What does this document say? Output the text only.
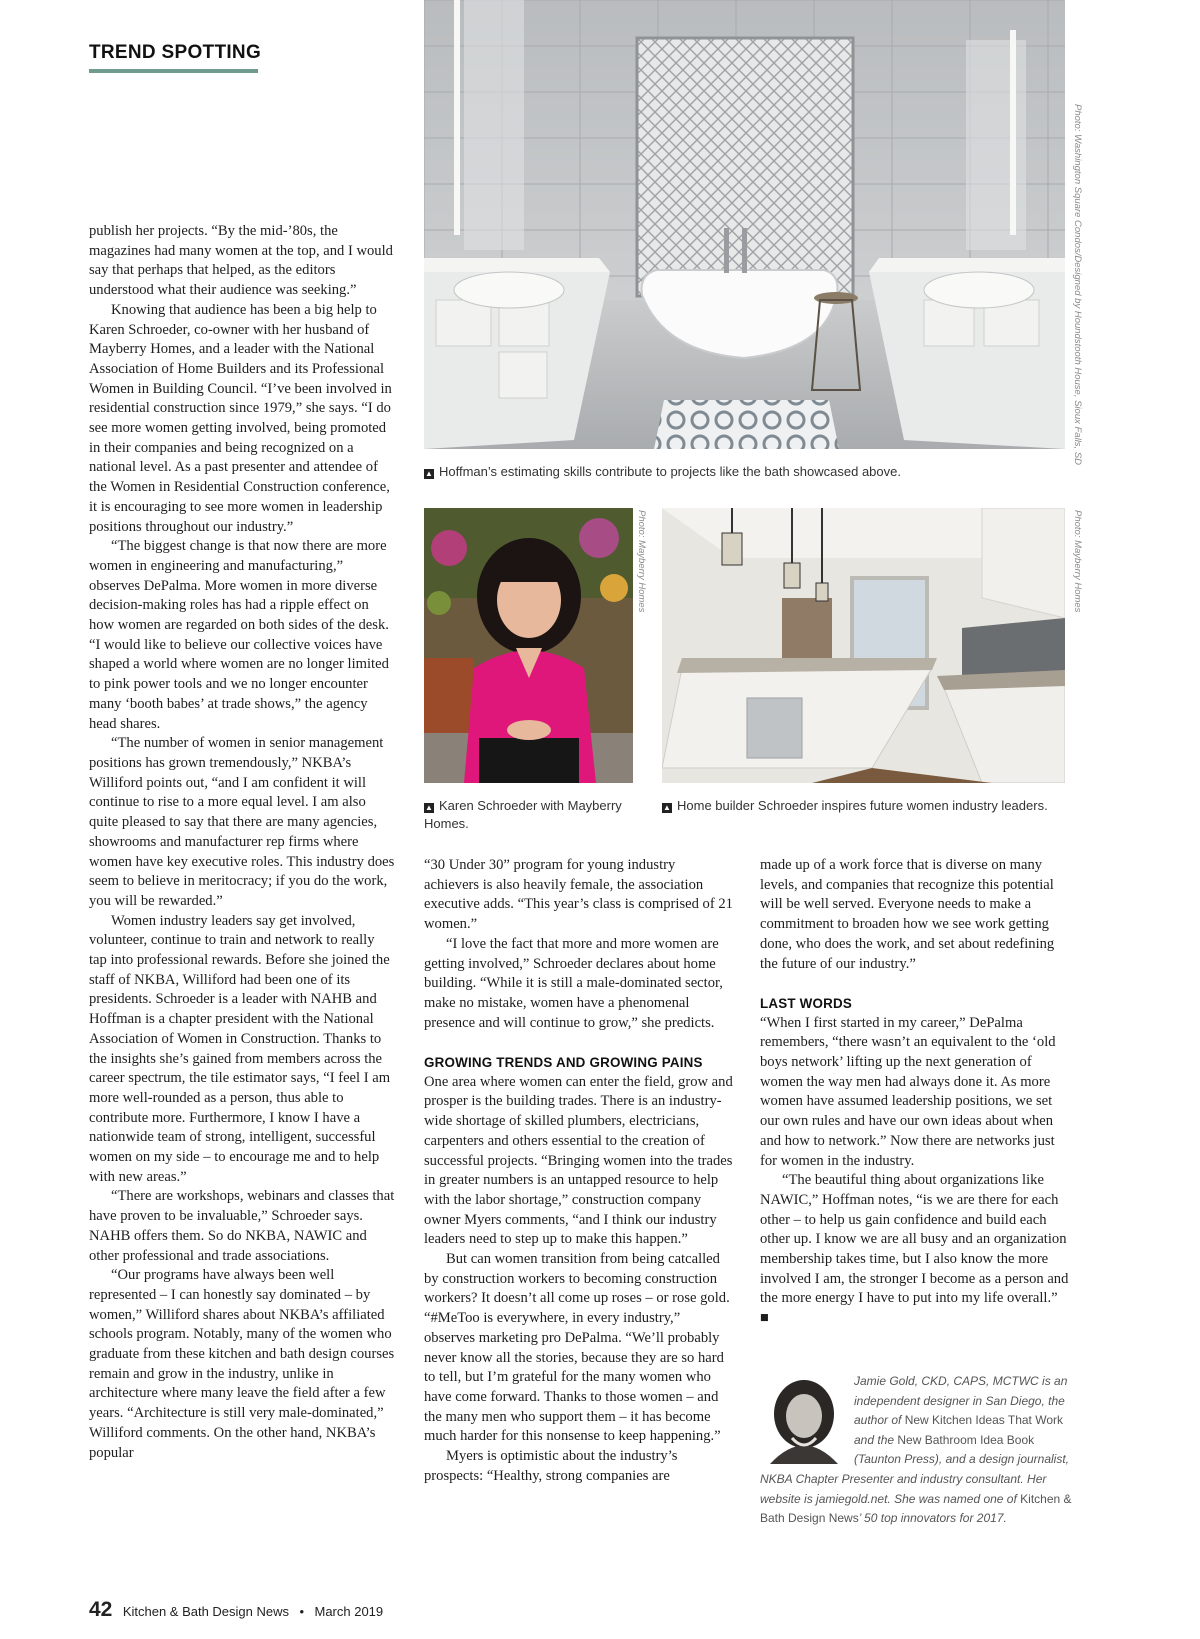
TREND SPOTTING
Photo: Washington Square Condos/Designed by Houndstooth House, Sioux Falls, SD
▲ Hoffman’s estimating skills contribute to projects like the bath showcased above.
Photo: Mayberry Homes
▲ Karen Schroeder with Mayberry Homes.
Photo: Mayberry Homes
▲ Home builder Schroeder inspires future women industry leaders.

publish her projects. “By the mid-’80s, the magazines had many women at the top, and I would say that perhaps that helped, as the editors understood what their audience was seeking.”

Knowing that audience has been a big help to Karen Schroeder, co-owner with her husband of Mayberry Homes, and a leader with the National Association of Home Builders and its Professional Women in Building Council. “I’ve been involved in residential construction since 1979,” she says. “I do see more women getting involved, being promoted in their companies and being recognized on a national level. As a past presenter and attendee of the Women in Residential Construction conference, it is encouraging to see more women in leadership positions throughout our industry.”

“The biggest change is that now there are more women in engineering and manufacturing,” observes DePalma. More women in more diverse decision-making roles has had a ripple effect on how women are regarded on both sides of the desk. “I would like to believe our collective voices have shaped a world where women are no longer limited to pink power tools and we no longer encounter many ‘booth babes’ at trade shows,” the agency head shares.

“The number of women in senior management positions has grown tremendously,” NKBA’s Williford points out, “and I am confident it will continue to rise to a more equal level. I am also quite pleased to say that there are many agencies, showrooms and manufacturer rep firms where women have key executive roles. This industry does seem to believe in meritocracy; if you do the work, you will be rewarded.”

Women industry leaders say get involved, volunteer, continue to train and network to really tap into professional rewards. Before she joined the staff of NKBA, Williford had been one of its presidents. Schroeder is a leader with NAHB and Hoffman is a chapter president with the National Association of Women in Construction. Thanks to the insights she’s gained from members across the career spectrum, the tile estimator says, “I feel I am more well-rounded as a person, thus able to contribute more. Furthermore, I know I have a nationwide team of strong, intelligent, successful women on my side – to encourage me and to help with new areas.”

“There are workshops, webinars and classes that have proven to be invaluable,” Schroeder says. NAHB offers them. So do NKBA, NAWIC and other professional and trade associations.

“Our programs have always been well represented – I can honestly say dominated – by women,” Williford shares about NKBA’s affiliated schools program. Notably, many of the women who graduate from these kitchen and bath design courses remain and grow in the industry, unlike in architecture where many leave the field after a few years. “Architecture is still very male-dominated,” Williford comments. On the other hand, NKBA’s popular

“30 Under 30” program for young industry achievers is also heavily female, the association executive adds. “This year’s class is comprised of 21 women.”

“I love the fact that more and more women are getting involved,” Schroeder declares about home building. “While it is still a male-dominated sector, make no mistake, women have a phenomenal presence and will continue to grow,” she predicts.

GROWING TRENDS AND GROWING PAINS

One area where women can enter the field, grow and prosper is the building trades. There is an industry-wide shortage of skilled plumbers, electricians, carpenters and others essential to the creation of successful projects. “Bringing women into the trades in greater numbers is an untapped resource to help with the labor shortage,” construction company owner Myers comments, “and I think our industry leaders need to step up to make this happen.”

But can women transition from being catcalled by construction workers to becoming construction workers? It doesn’t all come up roses – or rose gold. “#MeToo is everywhere, in every industry,” observes marketing pro DePalma. “We’ll probably never know all the stories, because they are so hard to tell, but I’m grateful for the many women who have come forward. Thanks to those women – and the many men who support them – it has become much harder for this nonsense to keep happening.”

Myers is optimistic about the industry’s prospects: “Healthy, strong companies are

made up of a work force that is diverse on many levels, and companies that recognize this potential will be well served. Everyone needs to make a commitment to broaden how we see work getting done, who does the work, and set about redefining the future of our industry.”

LAST WORDS

“When I first started in my career,” DePalma remembers, “there wasn’t an equivalent to the ‘old boys network’ lifting up the next generation of women the way men had always done it. As more women have assumed leadership positions, we set our own rules and have our own ideas about when and how to network.” Now there are networks just for women in the industry.

“The beautiful thing about organizations like NAWIC,” Hoffman notes, “is we are there for each other – to help us gain confidence and build each other up. I know we are all busy and an organization membership takes time, but I also know the more involved I am, the stronger I become as a person and the more energy I have to put into my life overall.” ■

Jamie Gold, CKD, CAPS, MCTWC is an independent designer in San Diego, the author of New Kitchen Ideas That Work and the New Bathroom Idea Book (Taunton Press), and a design journalist, NKBA Chapter Presenter and industry consultant. Her website is jamiegold.net. She was named one of Kitchen & Bath Design News’ 50 top innovators for 2017.
42 Kitchen & Bath Design News • March 2019
